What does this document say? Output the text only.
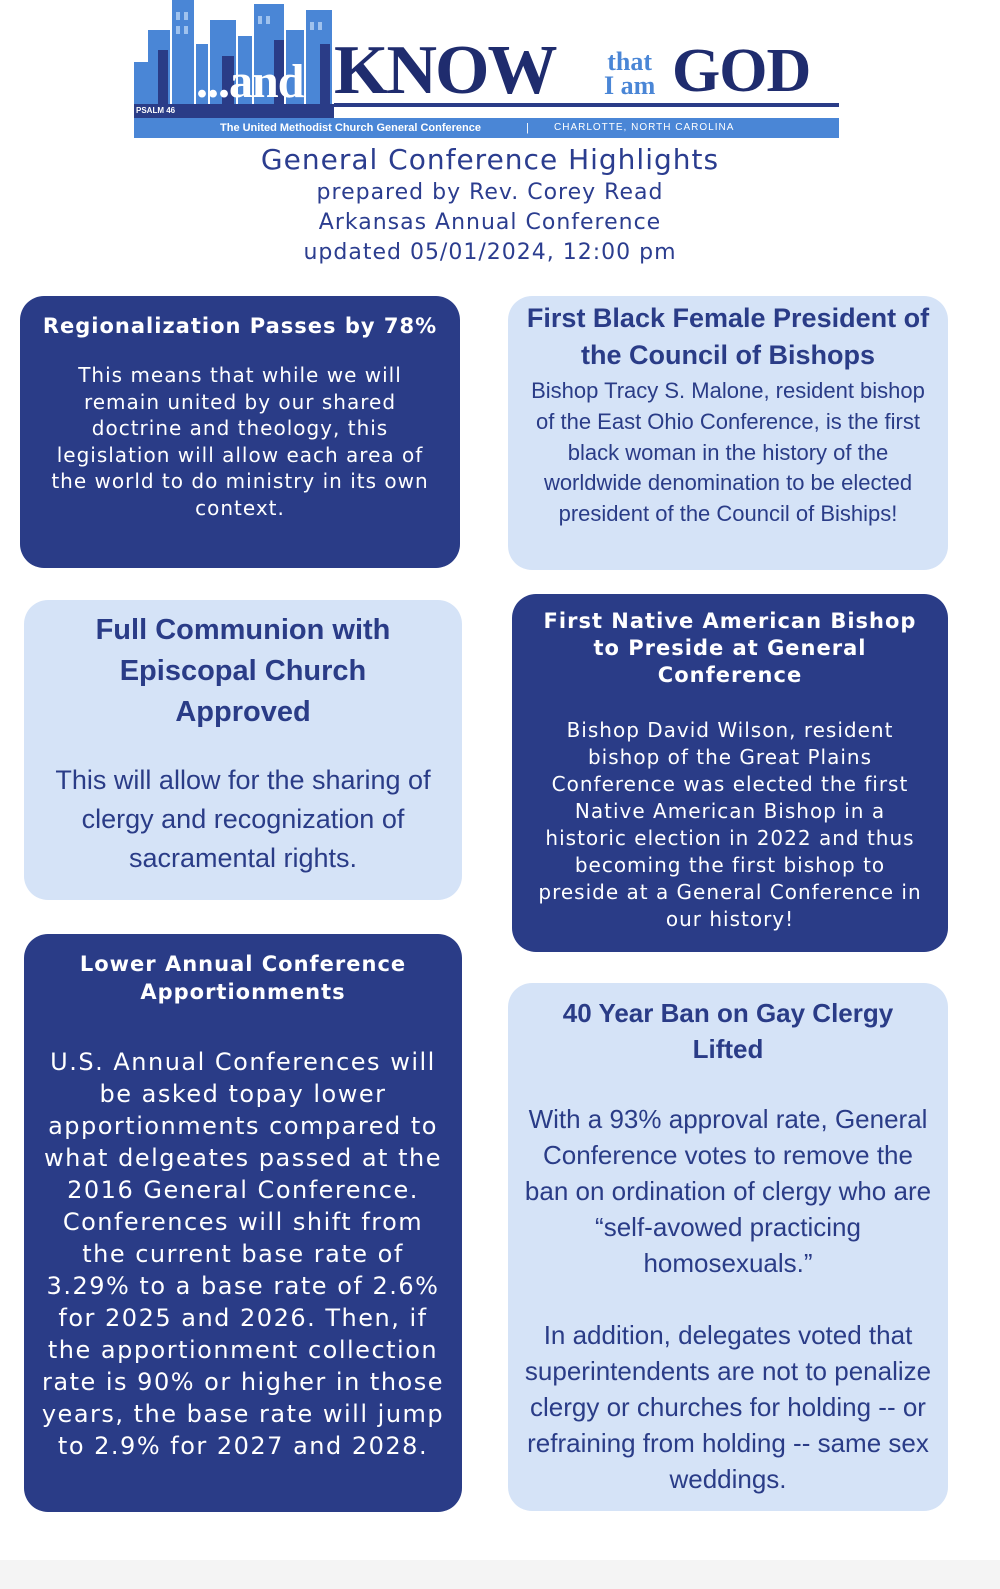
PSALM 46
...and KNOW that
I am GOD
The United Methodist Church General Conference	|	CHARLOTTE, NORTH CAROLINA
General Conference Highlights
prepared by Rev. Corey Read
Arkansas Annual Conference
updated 05/01/2024, 12:00 pm
Regionalization Passes by 78%

This means that while we will remain united by our shared doctrine and theology, this legislation will allow each area of the world to do ministry in its own context.

First Black Female President of the Council of Bishops

Bishop Tracy S. Malone, resident bishop of the East Ohio Conference, is the first black woman in the history of the worldwide denomination to be elected president of the Council of Biships!

Full Communion with Episcopal Church Approved

This will allow for the sharing of clergy and recognization of sacramental rights.

First Native American Bishop to Preside at General Conference

Bishop David Wilson, resident bishop of the Great Plains Conference was elected the first Native American Bishop in a historic election in 2022 and thus becoming the first bishop to preside at a General Conference in our history!

Lower Annual Conference Apportionments

U.S. Annual Conferences will be asked topay lower apportionments compared to what delgeates passed at the 2016 General Conference. Conferences will shift from the current base rate of 3.29% to a base rate of 2.6% for 2025 and 2026. Then, if the apportionment collection rate is 90% or higher in those years, the base rate will jump to 2.9% for 2027 and 2028.

40 Year Ban on Gay Clergy Lifted

With a 93% approval rate, General Conference votes to remove the ban on ordination of clergy who are “self-avowed practicing homosexuals.”

In addition, delegates voted that superintendents are not to penalize clergy or churches for holding -- or refraining from holding -- same sex weddings.
